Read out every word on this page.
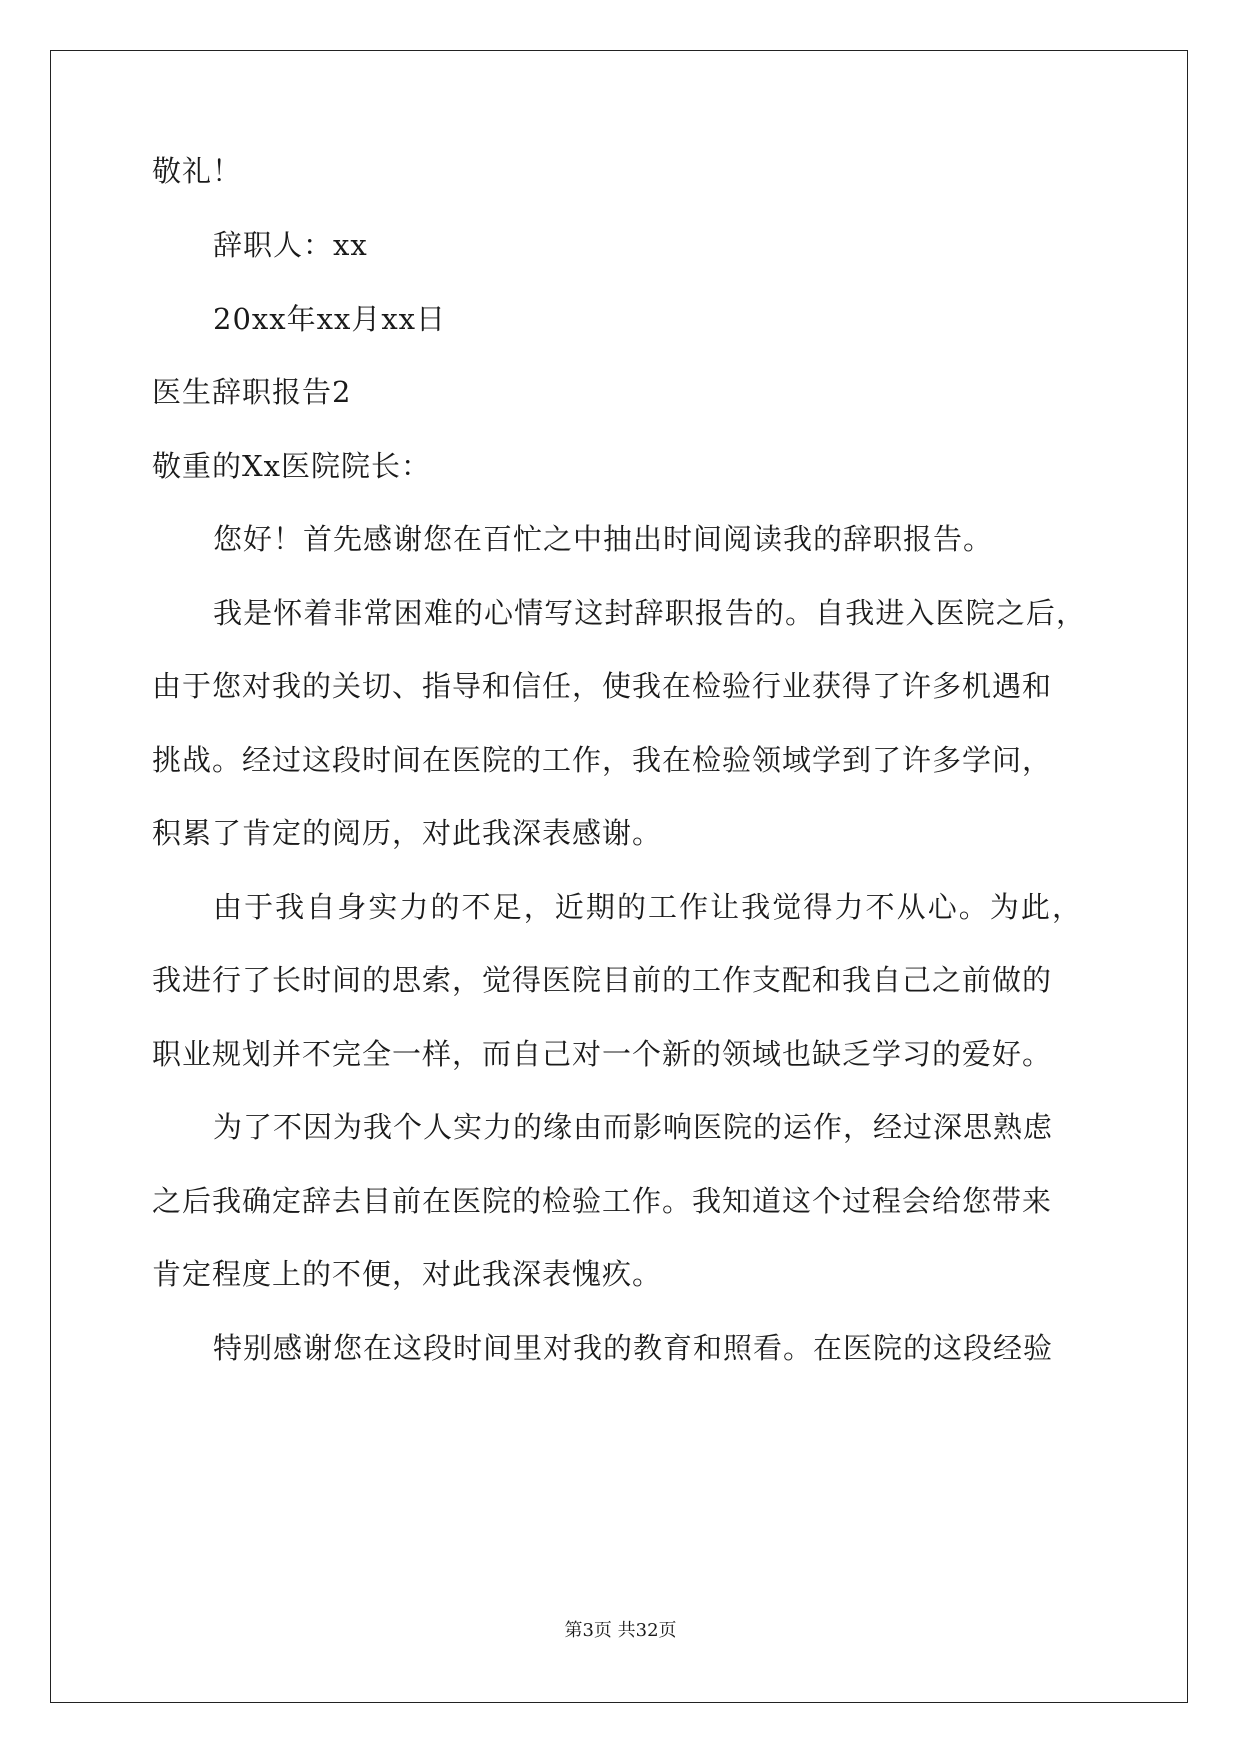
敬礼！
辞职人：xx
20xx年xx月xx日
医生辞职报告2
敬重的Xx医院院长：
您好！首先感谢您在百忙之中抽出时间阅读我的辞职报告。
我是怀着非常困难的心情写这封辞职报告的。自我进入医院之后，
由于您对我的关切、指导和信任，使我在检验行业获得了许多机遇和
挑战。经过这段时间在医院的工作，我在检验领域学到了许多学问，
积累了肯定的阅历，对此我深表感谢。
由于我自身实力的不足，近期的工作让我觉得力不从心。为此，
我进行了长时间的思索，觉得医院目前的工作支配和我自己之前做的
职业规划并不完全一样，而自己对一个新的领域也缺乏学习的爱好。
为了不因为我个人实力的缘由而影响医院的运作，经过深思熟虑
之后我确定辞去目前在医院的检验工作。我知道这个过程会给您带来
肯定程度上的不便，对此我深表愧疚。
特别感谢您在这段时间里对我的教育和照看。在医院的这段经验
第3页 共32页
